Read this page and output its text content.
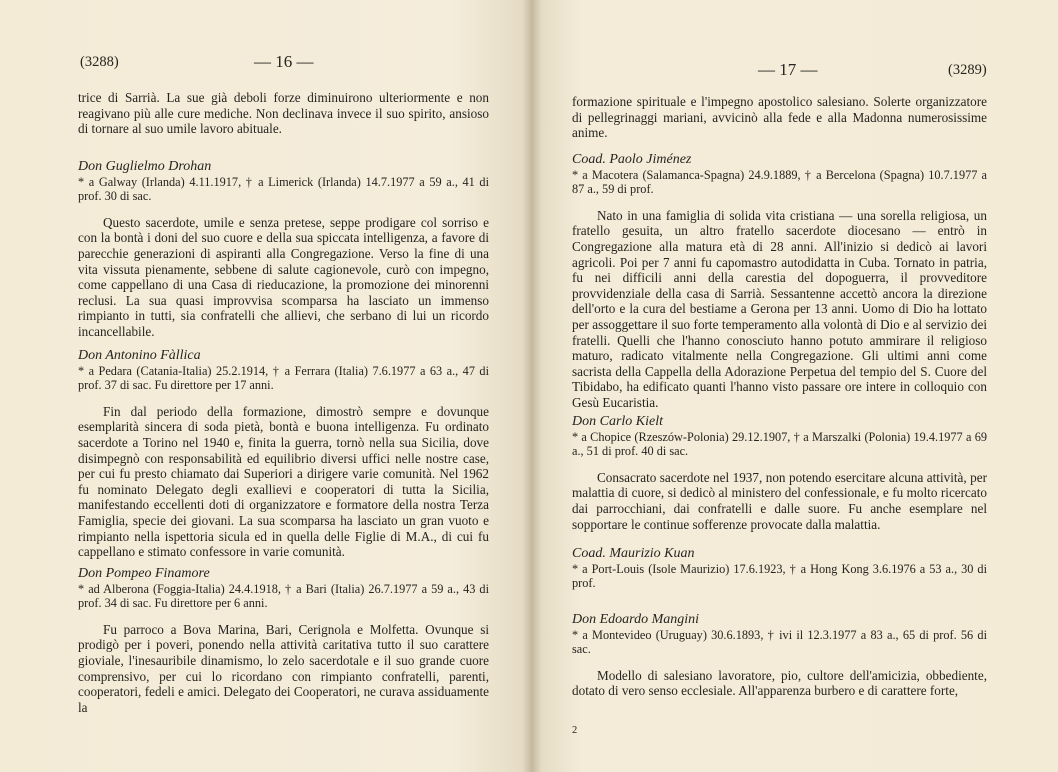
(3288)	— 16 —

trice di Sarrià. La sue già deboli forze diminuirono ulteriormente e non reagivano più alle cure mediche. Non declinava invece il suo spirito, ansioso di tornare al suo umile lavoro abituale.

Don Guglielmo Drohan

* a Galway (Irlanda) 4.11.1917, † a Limerick (Irlanda) 14.7.1977 a 59 a., 41 di prof. 30 di sac.

Questo sacerdote, umile e senza pretese, seppe prodigare col sorriso e con la bontà i doni del suo cuore e della sua spiccata intelligenza, a favore di parecchie generazioni di aspiranti alla Congregazione. Verso la fine di una vita vissuta pienamente, sebbene di salute cagionevole, curò con impegno, come cappellano di una Casa di rieducazione, la promozione dei minorenni reclusi. La sua quasi improvvisa scomparsa ha lasciato un immenso rimpianto in tutti, sia confratelli che allievi, che serbano di lui un ricordo incancellabile.

Don Antonino Fàllica

* a Pedara (Catania-Italia) 25.2.1914, † a Ferrara (Italia) 7.6.1977 a 63 a., 47 di prof. 37 di sac. Fu direttore per 17 anni.

Fin dal periodo della formazione, dimostrò sempre e dovunque esemplarità sincera di soda pietà, bontà e buona intelligenza. Fu ordinato sacerdote a Torino nel 1940 e, finita la guerra, tornò nella sua Sicilia, dove disimpegnò con responsabilità ed equilibrio diversi uffici nelle nostre case, per cui fu presto chiamato dai Superiori a dirigere varie comunità. Nel 1962 fu nominato Delegato degli exallievi e cooperatori di tutta la Sicilia, manifestando eccellenti doti di organizzatore e formatore della nostra Terza Famiglia, specie dei giovani. La sua scomparsa ha lasciato un gran vuoto e rimpianto nella ispettoria sicula ed in quella delle Figlie di M.A., di cui fu cappellano e stimato confessore in varie comunità.

Don Pompeo Finamore

* ad Alberona (Foggia-Italia) 24.4.1918, † a Bari (Italia) 26.7.1977 a 59 a., 43 di prof. 34 di sac. Fu direttore per 6 anni.

Fu parroco a Bova Marina, Bari, Cerignola e Molfetta. Ovunque si prodigò per i poveri, ponendo nella attività caritativa tutto il suo carattere gioviale, l'inesauribile dinamismo, lo zelo sacerdotale e il suo grande cuore comprensivo, per cui lo ricordano con rimpianto confratelli, parenti, cooperatori, fedeli e amici. Delegato dei Cooperatori, ne curava assiduamente la

— 17 —	(3289)

formazione spirituale e l'impegno apostolico salesiano. Solerte organizzatore di pellegrinaggi mariani, avvicinò alla fede e alla Madonna numerosissime anime.

Coad. Paolo Jiménez

* a Macotera (Salamanca-Spagna) 24.9.1889, † a Bercelona (Spagna) 10.7.1977 a 87 a., 59 di prof.

Nato in una famiglia di solida vita cristiana — una sorella religiosa, un fratello gesuita, un altro fratello sacerdote diocesano — entrò in Congregazione alla matura età di 28 anni. All'inizio si dedicò ai lavori agricoli. Poi per 7 anni fu capomastro autodidatta in Cuba. Tornato in patria, fu nei difficili anni della carestia del dopoguerra, il provveditore provvidenziale della casa di Sarrià. Sessantenne accettò ancora la direzione dell'orto e la cura del bestiame a Gerona per 13 anni. Uomo di Dio ha lottato per assoggettare il suo forte temperamento alla volontà di Dio e al servizio dei fratelli. Quelli che l'hanno conosciuto hanno potuto ammirare il religioso maturo, radicato vitalmente nella Congregazione. Gli ultimi anni come sacrista della Cappella della Adorazione Perpetua del tempio del S. Cuore del Tibidabo, ha edificato quanti l'hanno visto passare ore intere in colloquio con Gesù Eucaristia.

Don Carlo Kielt

* a Chopice (Rzeszów-Polonia) 29.12.1907, † a Marszalki (Polonia) 19.4.1977 a 69 a., 51 di prof. 40 di sac.

Consacrato sacerdote nel 1937, non potendo esercitare alcuna attività, per malattia di cuore, si dedicò al ministero del confessionale, e fu molto ricercato dai parrocchiani, dai confratelli e dalle suore. Fu anche esemplare nel sopportare le continue sofferenze provocate dalla malattia.

Coad. Maurizio Kuan

* a Port-Louis (Isole Maurizio) 17.6.1923, † a Hong Kong 3.6.1976 a 53 a., 30 di prof.

Don Edoardo Mangini

* a Montevideo (Uruguay) 30.6.1893, † ivi il 12.3.1977 a 83 a., 65 di prof. 56 di sac.

Modello di salesiano lavoratore, pio, cultore dell'amicizia, obbediente, dotato di vero senso ecclesiale. All'apparenza burbero e di carattere forte,

2
